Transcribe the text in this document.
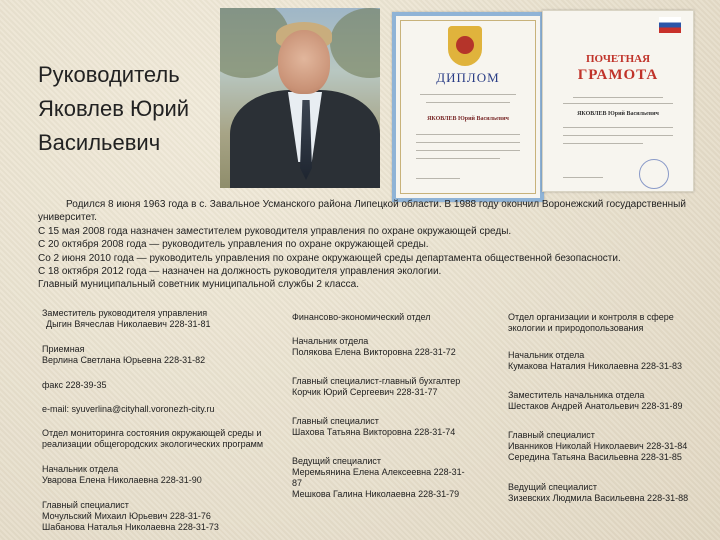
Руководитель
Яковлев Юрий
Васильевич
ДИПЛОМ
ЯКОВЛЕВ Юрий Васильевич
ПОЧЕТНАЯ
ГРАМОТА
ЯКОВЛЕВ Юрий Васильевич

Родился 8 июня 1963 года в с. Завальное Усманского района Липецкой области. В 1988 году окончил Воронежский государственный университет.

С 15 мая 2008 года назначен заместителем руководителя управления по охране окружающей среды.

С 20 октября 2008 года — руководитель управления по охране окружающей среды.

Со 2 июня 2010 года — руководитель управления по охране окружающей среды департамента общественной безопасности.

С 18 октября 2012 года — назначен на должность руководителя управления экологии.

Главный муниципальный советник муниципальной службы 2 класса.

Заместитель руководителя управления
Дыгин Вячеслав Николаевич 228-31-81
Приемная
Верлина Светлана Юрьевна 228-31-82
факс 228-39-35
e-mail: syuverlina@cityhall.voronezh-city.ru
Отдел мониторинга состояния окружающей среды и
реализации общегородских экологических программ
Начальник отдела
Уварова Елена Николаевна 228-31-90
Главный специалист
Мочульский Михаил Юрьевич 228-31-76
Шабанова Наталья Николаевна 228-31-73
Финансово-экономический отдел
Начальник отдела
Полякова Елена Викторовна 228-31-72
Главный специалист-главный бухгалтер
Корчик Юрий Сергеевич 228-31-77
Главный специалист
Шахова Татьяна Викторовна 228-31-74
Ведущий специалист
Меремьянина Елена Алексеевна 228-31-
87
Мешкова Галина Николаевна 228-31-79
Отдел организации и контроля в сфере
экологии и природопользования
Начальник отдела
Кумакова Наталия Николаевна 228-31-83
Заместитель начальника отдела
Шестаков Андрей Анатольевич 228-31-89
Главный специалист
Иванников Николай Николаевич 228-31-84
Середина Татьяна Васильевна 228-31-85
Ведущий специалист
Зизевских Людмила Васильевна 228-31-88
